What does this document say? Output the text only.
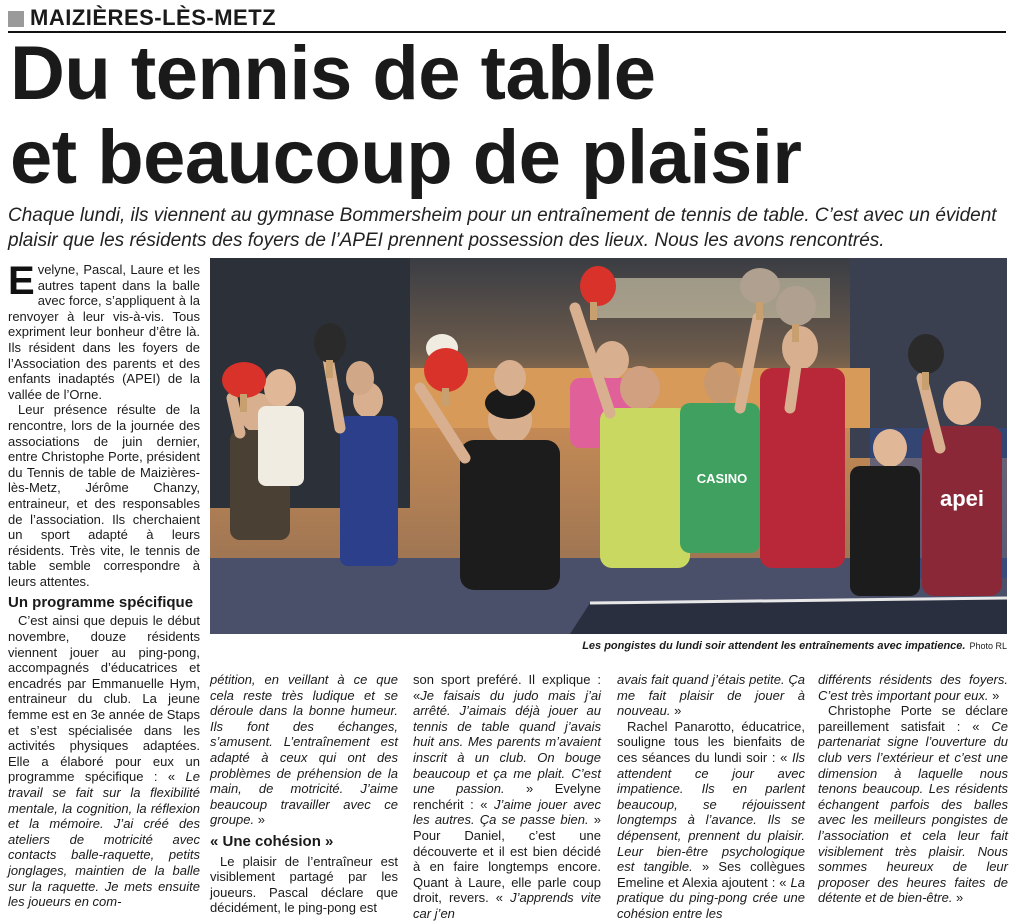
MAIZIÈRES-LÈS-METZ
Du tennis de table
et beaucoup de plaisir
Chaque lundi, ils viennent au gymnase Bommersheim pour un entraînement de tennis de table. C’est avec un évident plaisir que les résidents des foyers de l’APEI prennent possession des lieux. Nous les avons rencontrés.

Evelyne, Pascal, Laure et les autres tapent dans la balle avec force, s’appliquent à la renvoyer à leur vis-à-vis. Tous expriment leur bonheur d’être là. Ils résident dans les foyers de l’Association des parents et des enfants inadaptés (APEI) de la vallée de l’Orne.

Leur présence résulte de la rencontre, lors de la journée des associations de juin dernier, entre Christophe Porte, président du Tennis de table de Maizières-lès-Metz, Jérôme Chanzy, entraineur, et des responsables de l’association. Ils cherchaient un sport adapté à leurs résidents. Très vite, le tennis de table semble correspondre à leurs attentes.

Un programme spécifique

C’est ainsi que depuis le début novembre, douze résidents viennent jouer au ping-pong, accompagnés d’éducatrices et encadrés par Emmanuelle Hym, entraineur du club. La jeune femme est en 3e année de Staps et s’est spécialisée dans les activités physiques adaptées. Elle a élaboré pour eux un programme spécifique : « Le travail se fait sur la flexibilité mentale, la cognition, la réflexion et la mémoire. J’ai créé des ateliers de motricité avec contacts balle-raquette, petits jonglages, maintien de la balle sur la raquette. Je mets ensuite les joueurs en com-

apei
CASINO
Les pongistes du lundi soir attendent les entraînements avec impatience. Photo RL

pétition, en veillant à ce que cela reste très ludique et se déroule dans la bonne humeur. Ils font des échanges, s’amusent. L’entraînement est adapté à ceux qui ont des problèmes de préhension de la main, de motricité. J’aime beaucoup travailler avec ce groupe. »

« Une cohésion »

Le plaisir de l’entraîneur est visiblement partagé par les joueurs. Pascal déclare que décidément, le ping-pong est

son sport preféré. Il explique : «Je faisais du judo mais j’ai arrêté. J’aimais déjà jouer au tennis de table quand j’avais huit ans. Mes parents m’avaient inscrit à un club. On bouge beaucoup et ça me plait. C’est une passion. » Evelyne renchérit : « J’aime jouer avec les autres. Ça se passe bien. » Pour Daniel, c’est une découverte et il est bien décidé à en faire longtemps encore. Quant à Laure, elle parle coup droit, revers. « J’apprends vite car j’en

avais fait quand j’étais petite. Ça me fait plaisir de jouer à nouveau. »

Rachel Panarotto, éducatrice, souligne tous les bienfaits de ces séances du lundi soir : « Ils attendent ce jour avec impatience. Ils en parlent beaucoup, se réjouissent longtemps à l’avance. Ils se dépensent, prennent du plaisir. Leur bien-être psychologique est tangible. » Ses collègues Emeline et Alexia ajoutent : « La pratique du ping-pong crée une cohésion entre les

différents résidents des foyers. C’est très important pour eux. »

Christophe Porte se déclare pareillement satisfait : « Ce partenariat signe l’ouverture du club vers l’extérieur et c’est une dimension à laquelle nous tenons beaucoup. Les résidents échangent parfois des balles avec les meilleurs pongistes de l’association et cela leur fait visiblement très plaisir. Nous sommes heureux de leur proposer des heures faites de détente et de bien-être. »
